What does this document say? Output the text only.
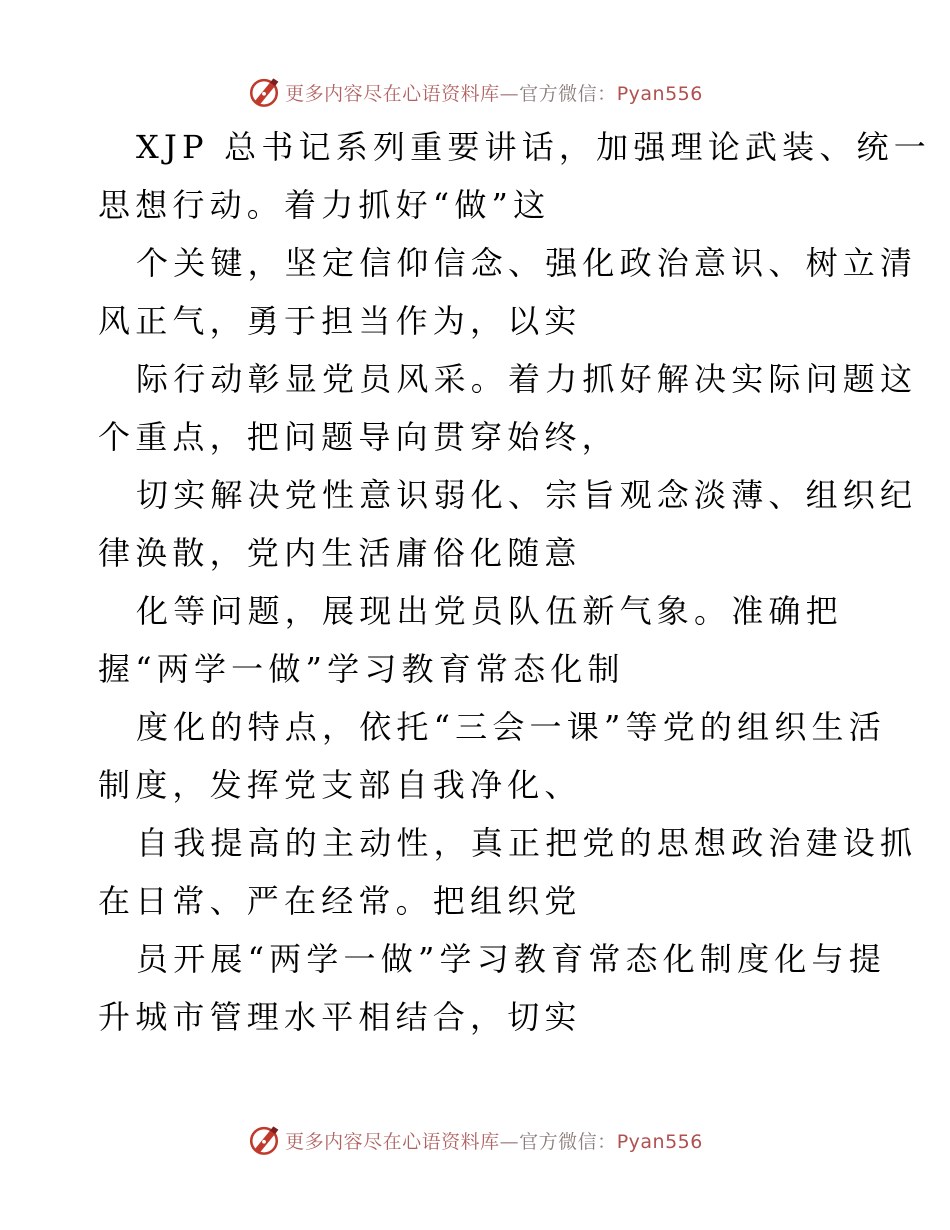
更多内容尽在心语资料库—官方微信：Pyan556
XJP 总书记系列重要讲话，加强理论武装、统一
思想行动。着力抓好“做”这
个关键，坚定信仰信念、强化政治意识、树立清
风正气，勇于担当作为，以实
际行动彰显党员风采。着力抓好解决实际问题这
个重点，把问题导向贯穿始终，
切实解决党性意识弱化、宗旨观念淡薄、组织纪
律涣散，党内生活庸俗化随意
化等问题，展现出党员队伍新气象。准确把
握“两学一做”学习教育常态化制
度化的特点，依托“三会一课”等党的组织生活
制度，发挥党支部自我净化、
自我提高的主动性，真正把党的思想政治建设抓
在日常、严在经常。把组织党
员开展“两学一做”学习教育常态化制度化与提
升城市管理水平相结合，切实
更多内容尽在心语资料库—官方微信：Pyan556
